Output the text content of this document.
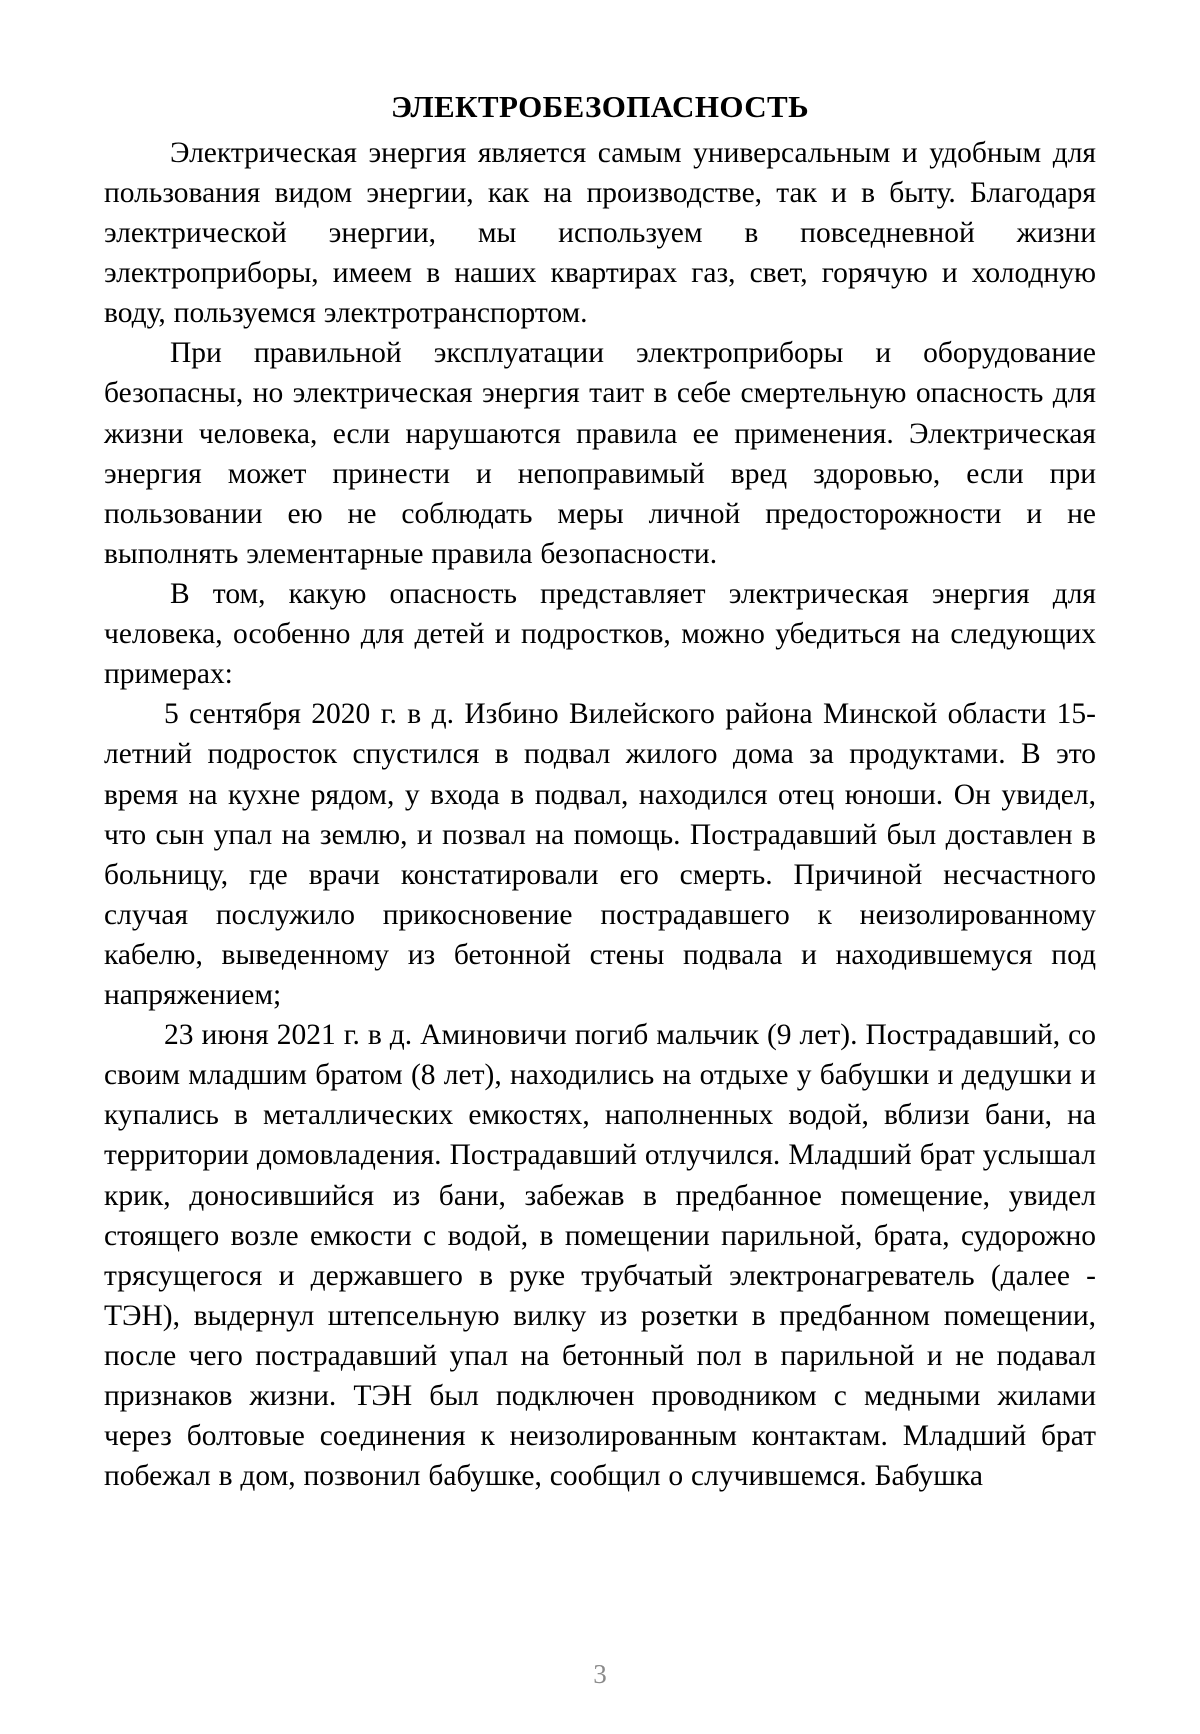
ЭЛЕКТРОБЕЗОПАСНОСТЬ

Электрическая энергия является самым универсальным и удобным для пользования видом энергии, как на производстве, так и в быту. Благодаря электрической энергии, мы используем в повседневной жизни электроприборы, имеем в наших квартирах газ, свет, горячую и холодную воду, пользуемся электротранспортом.

При правильной эксплуатации электроприборы и оборудование безопасны, но электрическая энергия таит в себе смертельную опасность для жизни человека, если нарушаются правила ее применения. Электрическая энергия может принести и непоправимый вред здоровью, если при пользовании ею не соблюдать меры личной предосторожности и не выполнять элементарные правила безопасности.

В том, какую опасность представляет электрическая энергия для человека, особенно для детей и подростков, можно убедиться на следующих примерах:

5 сентября 2020 г. в д. Избино Вилейского района Минской области 15-летний подросток спустился в подвал жилого дома за продуктами. В это время на кухне рядом, у входа в подвал, находился отец юноши. Он увидел, что сын упал на землю, и позвал на помощь. Пострадавший был доставлен в больницу, где врачи констатировали его смерть. Причиной несчастного случая послужило прикосновение пострадавшего к неизолированному кабелю, выведенному из бетонной стены подвала и находившемуся под напряжением;

23 июня 2021 г. в д. Аминовичи погиб мальчик (9 лет). Пострадавший, со своим младшим братом (8 лет), находились на отдыхе у бабушки и дедушки и купались в металлических емкостях, наполненных водой, вблизи бани, на территории домовладения. Пострадавший отлучился. Младший брат услышал крик, доносившийся из бани, забежав в предбанное помещение, увидел стоящего возле емкости с водой, в помещении парильной, брата, судорожно трясущегося и державшего в руке трубчатый электронагреватель (далее - ТЭН), выдернул штепсельную вилку из розетки в предбанном помещении, после чего пострадавший упал на бетонный пол в парильной и не подавал признаков жизни. ТЭН был подключен проводником с медными жилами через болтовые соединения к неизолированным контактам. Младший брат побежал в дом, позвонил бабушке, сообщил о случившемся. Бабушка

3
